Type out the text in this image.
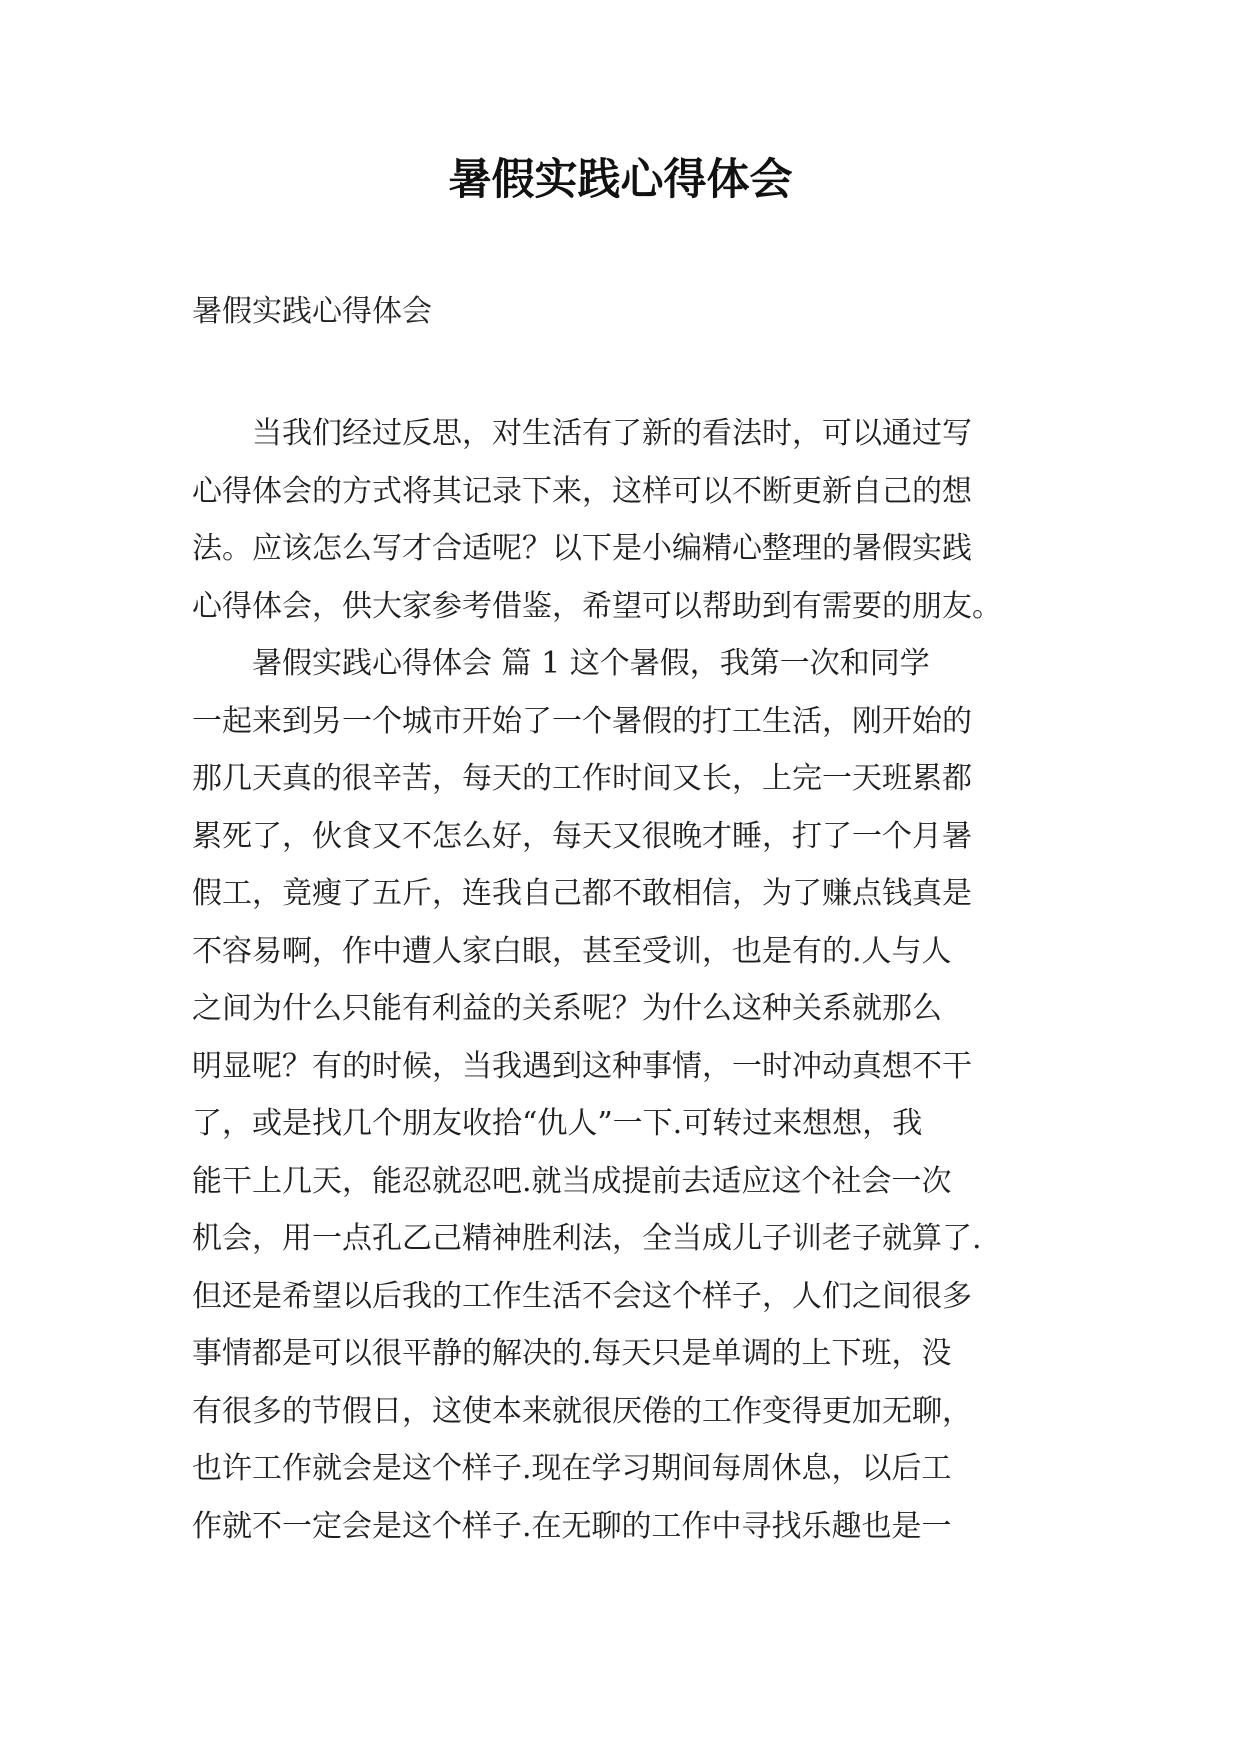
暑假实践心得体会

暑假实践心得体会

当我们经过反思，对生活有了新的看法时，可以通过写
心得体会的方式将其记录下来，这样可以不断更新自己的想
法。应该怎么写才合适呢？以下是小编精心整理的暑假实践
心得体会，供大家参考借鉴，希望可以帮助到有需要的朋友。
暑假实践心得体会 篇 1 这个暑假，我第一次和同学
一起来到另一个城市开始了一个暑假的打工生活，刚开始的
那几天真的很辛苦，每天的工作时间又长，上完一天班累都
累死了，伙食又不怎么好，每天又很晚才睡，打了一个月暑
假工，竟瘦了五斤，连我自己都不敢相信，为了赚点钱真是
不容易啊，作中遭人家白眼，甚至受训，也是有的.人与人
之间为什么只能有利益的关系呢？为什么这种关系就那么
明显呢？有的时候，当我遇到这种事情，一时冲动真想不干
了，或是找几个朋友收拾“仇人”一下.可转过来想想，我
能干上几天，能忍就忍吧.就当成提前去适应这个社会一次
机会，用一点孔乙己精神胜利法，全当成儿子训老子就算了.
但还是希望以后我的工作生活不会这个样子，人们之间很多
事情都是可以很平静的解决的.每天只是单调的上下班，没
有很多的节假日，这使本来就很厌倦的工作变得更加无聊，
也许工作就会是这个样子.现在学习期间每周休息，以后工
作就不一定会是这个样子.在无聊的工作中寻找乐趣也是一
